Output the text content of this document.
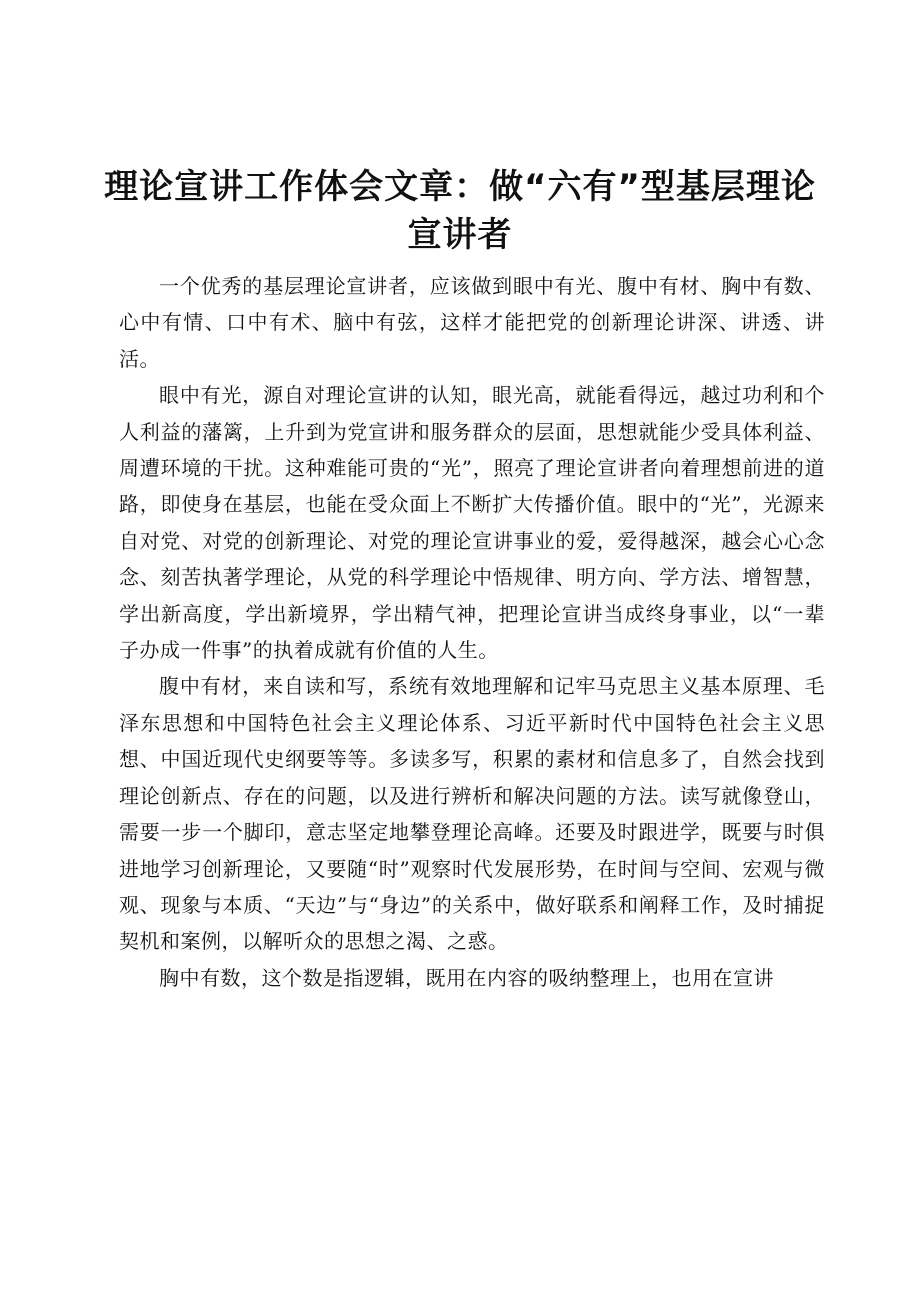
理论宣讲工作体会文章：做“六有”型基层理论宣讲者

一个优秀的基层理论宣讲者，应该做到眼中有光、腹中有材、胸中有数、心中有情、口中有术、脑中有弦，这样才能把党的创新理论讲深、讲透、讲活。

眼中有光，源自对理论宣讲的认知，眼光高，就能看得远，越过功利和个人利益的藩篱，上升到为党宣讲和服务群众的层面，思想就能少受具体利益、周遭环境的干扰。这种难能可贵的“光”，照亮了理论宣讲者向着理想前进的道路，即使身在基层，也能在受众面上不断扩大传播价值。眼中的“光”，光源来自对党、对党的创新理论、对党的理论宣讲事业的爱，爱得越深，越会心心念念、刻苦执著学理论，从党的科学理论中悟规律、明方向、学方法、增智慧，学出新高度，学出新境界，学出精气神，把理论宣讲当成终身事业，以“一辈子办成一件事”的执着成就有价值的人生。

腹中有材，来自读和写，系统有效地理解和记牢马克思主义基本原理、毛泽东思想和中国特色社会主义理论体系、习近平新时代中国特色社会主义思想、中国近现代史纲要等等。多读多写，积累的素材和信息多了，自然会找到理论创新点、存在的问题，以及进行辨析和解决问题的方法。读写就像登山，需要一步一个脚印，意志坚定地攀登理论高峰。还要及时跟进学，既要与时俱进地学习创新理论，又要随“时”观察时代发展形势，在时间与空间、宏观与微观、现象与本质、“天边”与“身边”的关系中，做好联系和阐释工作，及时捕捉契机和案例，以解听众的思想之渴、之惑。

胸中有数，这个数是指逻辑，既用在内容的吸纳整理上，也用在宣讲
